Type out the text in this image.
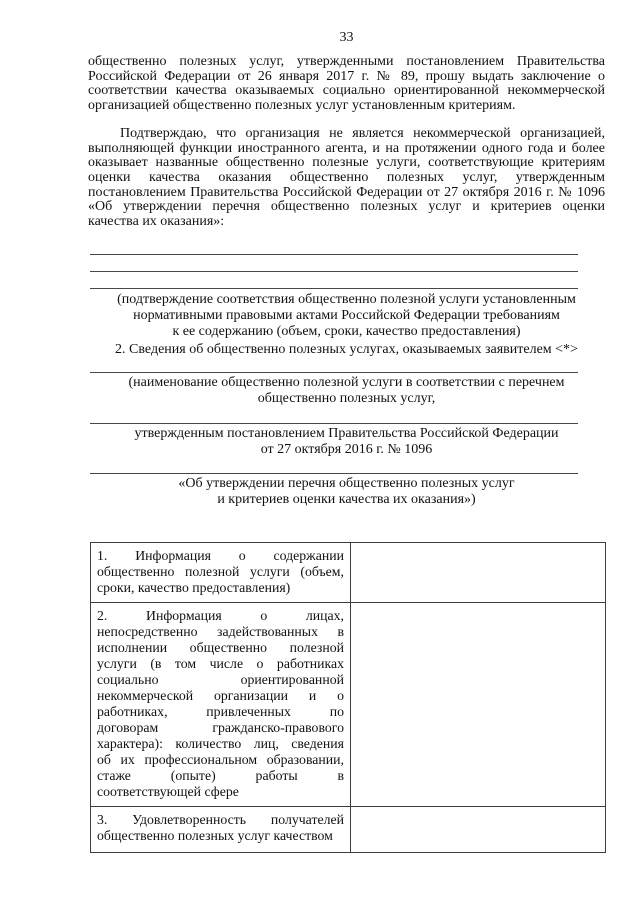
33
общественно полезных услуг, утвержденными постановлением Правительства
Российской Федерации от 26 января 2017 г. № 89, прошу выдать заключение о
соответствии качества оказываемых социально ориентированной некоммерческой
организацией общественно полезных услуг установленным критериям.
Подтверждаю, что организация не является некоммерческой организацией,
выполняющей функции иностранного агента, и на протяжении одного года и более
оказывает названные общественно полезные услуги, соответствующие критериям
оценки качества оказания общественно полезных услуг, утвержденным
постановлением Правительства Российской Федерации от 27 октября 2016 г. № 1096
«Об утверждении перечня общественно полезных услуг и критериев оценки
качества их оказания»:
(подтверждение соответствия общественно полезной услуги установленным
нормативными правовыми актами Российской Федерации требованиям
к ее содержанию (объем, сроки, качество предоставления)
2. Сведения об общественно полезных услугах, оказываемых заявителем <*>
(наименование общественно полезной услуги в соответствии с перечнем
общественно полезных услуг,
утвержденным постановлением Правительства Российской Федерации
от 27 октября 2016 г. № 1096
«Об утверждении перечня общественно полезных услуг
и критериев оценки качества их оказания»)
1. Информация о содержании
общественно полезной услуги (объем,
сроки, качество предоставления)	

2. Информация о лицах,
непосредственно задействованных в
исполнении общественно полезной
услуги (в том числе о работниках
социально ориентированной
некоммерческой организации и о
работниках, привлеченных по
договорам гражданско-правового
характера): количество лиц, сведения
об их профессиональном образовании,
стаже (опыте) работы в
соответствующей сфере

3. Удовлетворенность получателей
общественно полезных услуг качеством	
